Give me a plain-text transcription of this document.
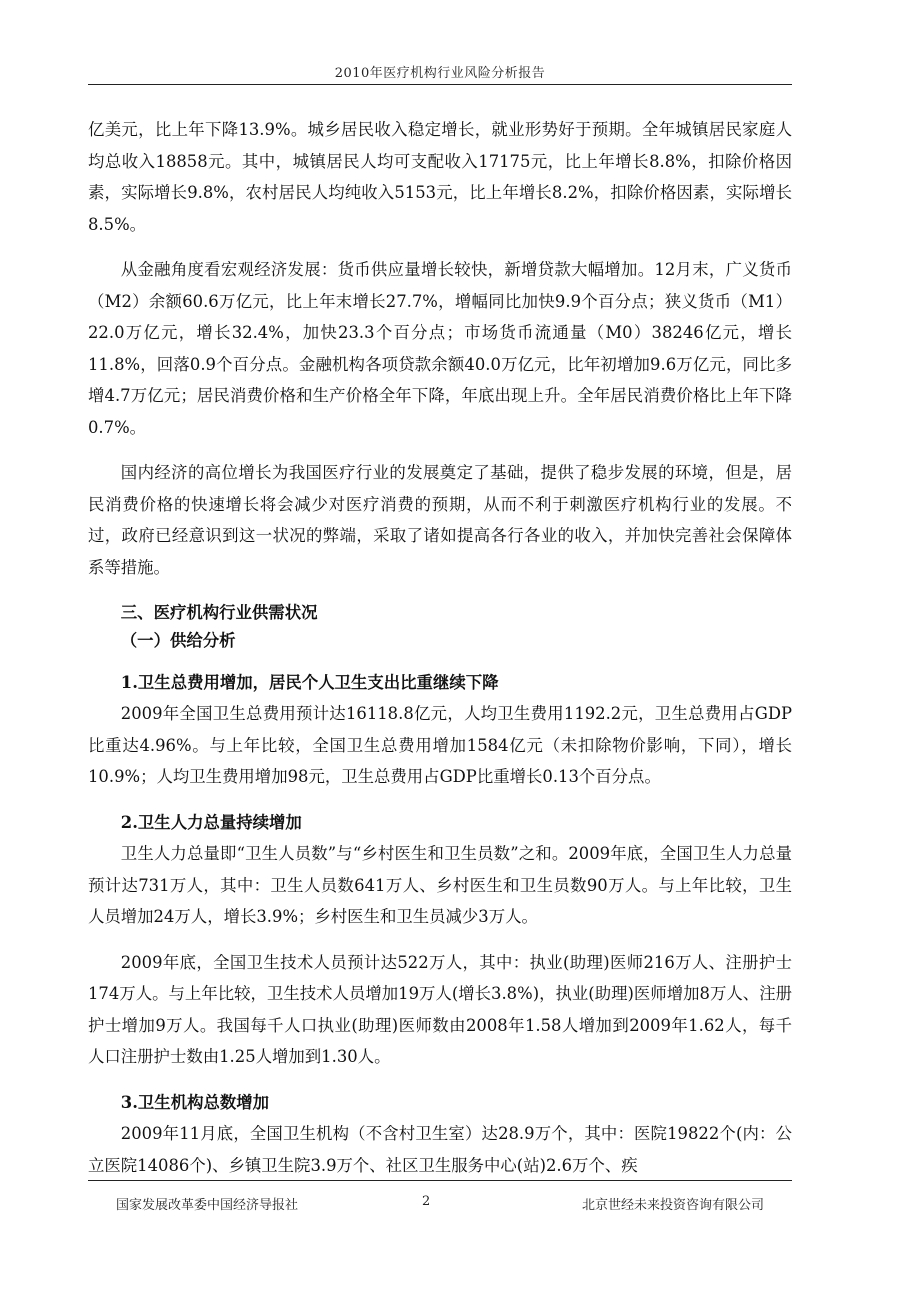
2010年医疗机构行业风险分析报告

亿美元，比上年下降13.9%。城乡居民收入稳定增长，就业形势好于预期。全年城镇居民家庭人均总收入18858元。其中，城镇居民人均可支配收入17175元，比上年增长8.8%，扣除价格因素，实际增长9.8%，农村居民人均纯收入5153元，比上年增长8.2%，扣除价格因素，实际增长8.5%。

从金融角度看宏观经济发展：货币供应量增长较快，新增贷款大幅增加。12月末，广义货币（M2）余额60.6万亿元，比上年末增长27.7%，增幅同比加快9.9个百分点；狭义货币（M1）22.0万亿元，增长32.4%，加快23.3个百分点；市场货币流通量（M0）38246亿元，增长11.8%，回落0.9个百分点。金融机构各项贷款余额40.0万亿元，比年初增加9.6万亿元，同比多增4.7万亿元；居民消费价格和生产价格全年下降，年底出现上升。全年居民消费价格比上年下降0.7%。

国内经济的高位增长为我国医疗行业的发展奠定了基础，提供了稳步发展的环境，但是，居民消费价格的快速增长将会减少对医疗消费的预期，从而不利于刺激医疗机构行业的发展。不过，政府已经意识到这一状况的弊端，采取了诸如提高各行各业的收入，并加快完善社会保障体系等措施。

三、医疗机构行业供需状况

（一）供给分析

1.卫生总费用增加，居民个人卫生支出比重继续下降

2009年全国卫生总费用预计达16118.8亿元，人均卫生费用1192.2元，卫生总费用占GDP比重达4.96%。与上年比较，全国卫生总费用增加1584亿元（未扣除物价影响，下同），增长10.9%；人均卫生费用增加98元，卫生总费用占GDP比重增长0.13个百分点。

2.卫生人力总量持续增加

卫生人力总量即“卫生人员数”与“乡村医生和卫生员数”之和。2009年底，全国卫生人力总量预计达731万人，其中：卫生人员数641万人、乡村医生和卫生员数90万人。与上年比较，卫生人员增加24万人，增长3.9%；乡村医生和卫生员减少3万人。

2009年底，全国卫生技术人员预计达522万人，其中：执业(助理)医师216万人、注册护士174万人。与上年比较，卫生技术人员增加19万人(增长3.8%)，执业(助理)医师增加8万人、注册护士增加9万人。我国每千人口执业(助理)医师数由2008年1.58人增加到2009年1.62人，每千人口注册护士数由1.25人增加到1.30人。

3.卫生机构总数增加

2009年11月底，全国卫生机构（不含村卫生室）达28.9万个，其中：医院19822个(内：公立医院14086个)、乡镇卫生院3.9万个、社区卫生服务中心(站)2.6万个、疾

国家发展改革委中国经济导报社	2	北京世经未来投资咨询有限公司
